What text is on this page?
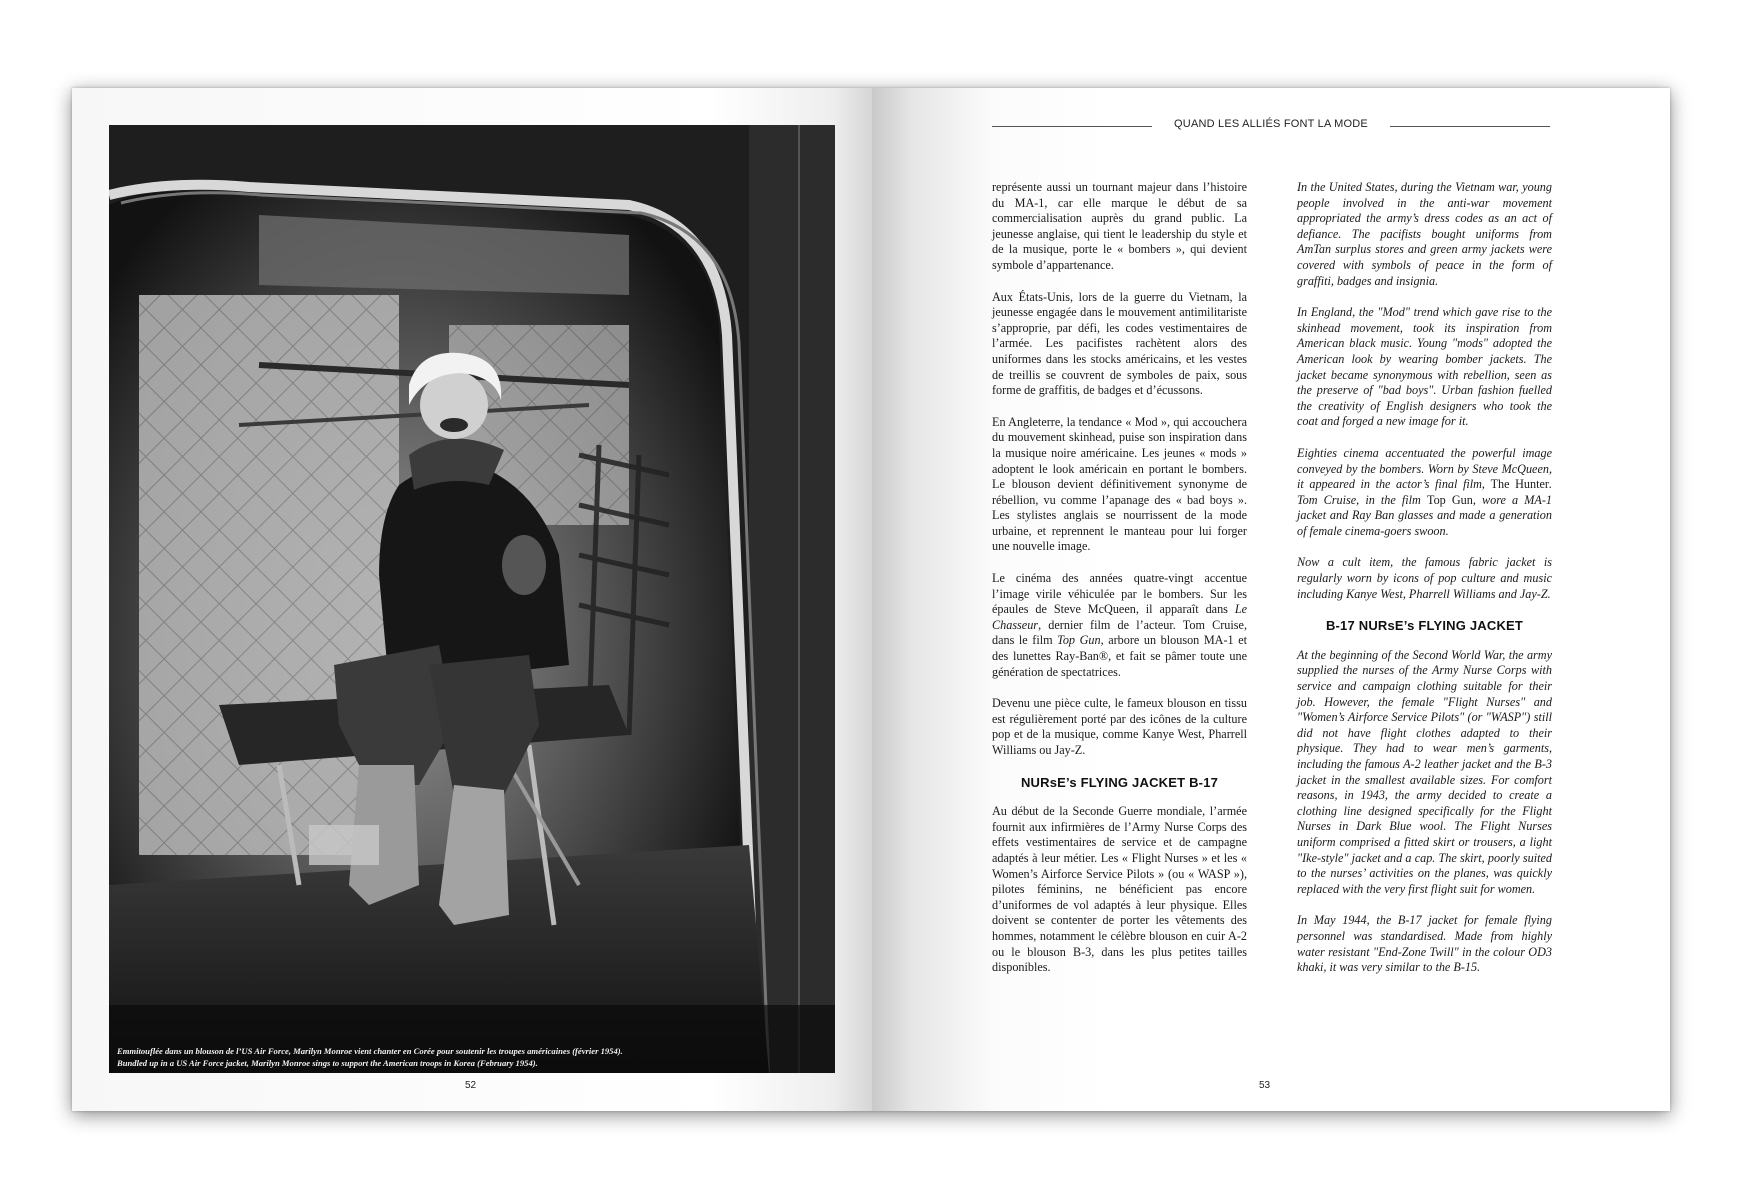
Emmitouflée dans un blouson de l’US Air Force, Marilyn Monroe vient chanter en Corée pour soutenir les troupes américaines (février 1954).
Bundled up in a US Air Force jacket, Marilyn Monroe sings to support the American troops in Korea (February 1954).
52
QUAND LES ALLIÉS FONT LA MODE

représente aussi un tournant majeur dans l’histoire du MA-1, car elle marque le début de sa commercialisation auprès du grand public. La jeunesse anglaise, qui tient le leadership du style et de la musique, porte le « bombers », qui devient symbole d’appartenance.

Aux États-Unis, lors de la guerre du Vietnam, la jeunesse engagée dans le mouvement antimilitariste s’approprie, par défi, les codes vestimentaires de l’armée. Les pacifistes rachètent alors des uniformes dans les stocks américains, et les vestes de treillis se couvrent de symboles de paix, sous forme de graffitis, de badges et d’écussons.

En Angleterre, la tendance « Mod », qui accouchera du mouvement skinhead, puise son inspiration dans la musique noire américaine. Les jeunes « mods » adoptent le look américain en portant le bombers. Le blouson devient définitivement synonyme de rébellion, vu comme l’apanage des « bad boys ». Les stylistes anglais se nourrissent de la mode urbaine, et reprennent le manteau pour lui forger une nouvelle image.

Le cinéma des années quatre-vingt accentue l’image virile véhiculée par le bombers. Sur les épaules de Steve McQueen, il apparaît dans Le Chasseur, dernier film de l’acteur. Tom Cruise, dans le film Top Gun, arbore un blouson MA-1 et des lunettes Ray-Ban®, et fait se pâmer toute une génération de spectatrices.

Devenu une pièce culte, le fameux blouson en tissu est régulièrement porté par des icônes de la culture pop et de la musique, comme Kanye West, Pharrell Williams ou Jay-Z.

NURsE’s FLYING JACKET B-17

Au début de la Seconde Guerre mondiale, l’armée fournit aux infirmières de l’Army Nurse Corps des effets vestimentaires de service et de campagne adaptés à leur métier. Les « Flight Nurses » et les « Women’s Airforce Service Pilots » (ou « WASP »), pilotes féminins, ne bénéficient pas encore d’uniformes de vol adaptés à leur physique. Elles doivent se contenter de porter les vêtements des hommes, notamment le célèbre blouson en cuir A-2 ou le blouson B-3, dans les plus petites tailles disponibles.

In the United States, during the Vietnam war, young people involved in the anti-war movement appropriated the army’s dress codes as an act of defiance. The pacifists bought uniforms from AmTan surplus stores and green army jackets were covered with symbols of peace in the form of graffiti, badges and insignia.

In England, the "Mod" trend which gave rise to the skinhead movement, took its inspiration from American black music. Young "mods" adopted the American look by wearing bomber jackets. The jacket became synonymous with rebellion, seen as the preserve of "bad boys". Urban fashion fuelled the creativity of English designers who took the coat and forged a new image for it.

Eighties cinema accentuated the powerful image conveyed by the bombers. Worn by Steve McQueen, it appeared in the actor’s final film, The Hunter. Tom Cruise, in the film Top Gun, wore a MA-1 jacket and Ray Ban glasses and made a generation of female cinema-goers swoon.

Now a cult item, the famous fabric jacket is regularly worn by icons of pop culture and music including Kanye West, Pharrell Williams and Jay-Z.

B-17 NURsE’s FLYING JACKET

At the beginning of the Second World War, the army supplied the nurses of the Army Nurse Corps with service and campaign clothing suitable for their job. However, the female "Flight Nurses" and "Women’s Airforce Service Pilots" (or "WASP") still did not have flight clothes adapted to their physique. They had to wear men’s garments, including the famous A-2 leather jacket and the B-3 jacket in the smallest available sizes. For comfort reasons, in 1943, the army decided to create a clothing line designed specifically for the Flight Nurses in Dark Blue wool. The Flight Nurses uniform comprised a fitted skirt or trousers, a light "Ike-style" jacket and a cap. The skirt, poorly suited to the nurses’ activities on the planes, was quickly replaced with the very first flight suit for women.

In May 1944, the B-17 jacket for female flying personnel was standardised. Made from highly water resistant "End-Zone Twill" in the colour OD3 khaki, it was very similar to the B-15.

53
